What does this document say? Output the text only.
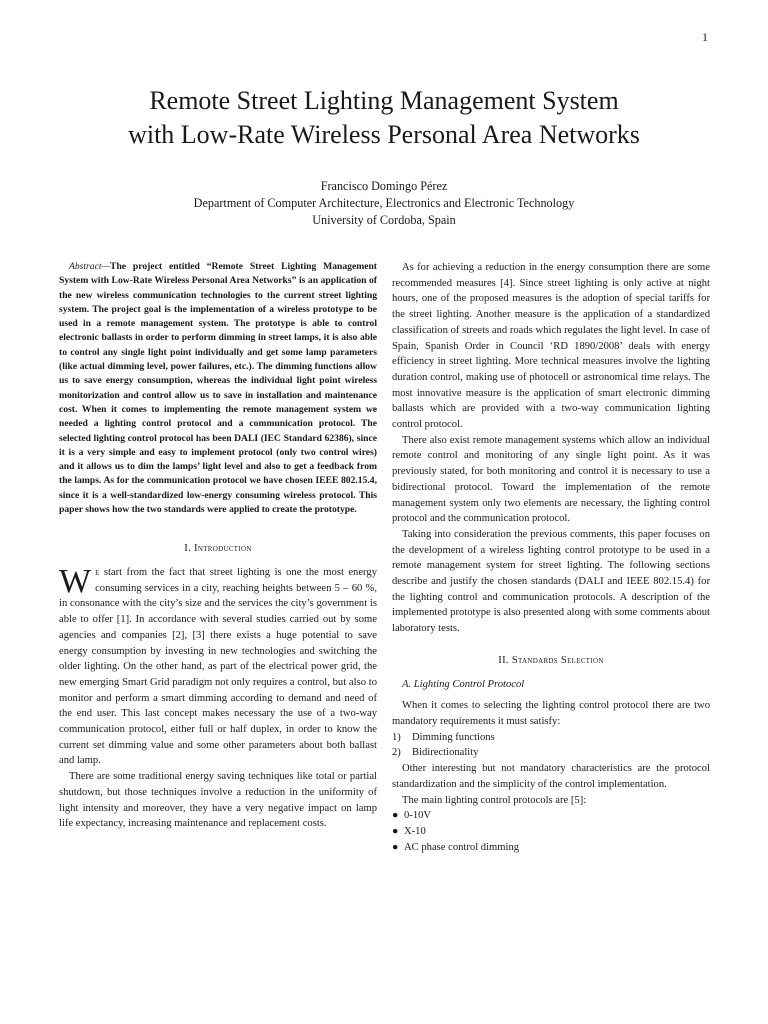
1
Remote Street Lighting Management System
with Low-Rate Wireless Personal Area Networks
Francisco Domingo Pérez
Department of Computer Architecture, Electronics and Electronic Technology
University of Cordoba, Spain

Abstract—The project entitled “Remote Street Lighting Management System with Low-Rate Wireless Personal Area Networks” is an application of the new wireless communication technologies to the current street lighting system. The project goal is the implementation of a wireless prototype to be used in a remote management system. The prototype is able to control electronic ballasts in order to perform dimming in street lamps, it is also able to control any single light point individually and get some lamp parameters (like actual dimming level, power failures, etc.). The dimming functions allow us to save energy consumption, whereas the individual light point wireless monitorization and control allow us to save in installation and maintenance cost. When it comes to implementing the remote management system we needed a lighting control protocol and a communication protocol. The selected lighting control protocol has been DALI (IEC Standard 62386), since it is a very simple and easy to implement protocol (only two control wires) and it allows us to dim the lamps’ light level and also to get a feedback from the lamps. As for the communication protocol we have chosen IEEE 802.15.4, since it is a well-standardized low-energy consuming wireless protocol. This paper shows how the two standards were applied to create the prototype.

I. Introduction

We start from the fact that street lighting is one the most energy consuming services in a city, reaching heights between 5 – 60 %, in consonance with the city’s size and the services the city’s government is able to offer [1]. In accordance with several studies carried out by some agencies and companies [2], [3] there exists a huge potential to save energy consumption by investing in new technologies and switching the older lighting. On the other hand, as part of the electrical power grid, the new emerging Smart Grid paradigm not only requires a control, but also to monitor and perform a smart dimming according to demand and need of the end user. This last concept makes necessary the use of a two-way communication protocol, either full or half duplex, in order to know the current set dimming value and some other parameters about both ballast and lamp.

There are some traditional energy saving techniques like total or partial shutdown, but those techniques involve a reduction in the uniformity of light intensity and moreover, they have a very negative impact on lamp life expectancy, increasing maintenance and replacement costs.

As for achieving a reduction in the energy consumption there are some recommended measures [4]. Since street lighting is only active at night hours, one of the proposed measures is the adoption of special tariffs for the street lighting. Another measure is the application of a standardized classification of streets and roads which regulates the light level. In case of Spain, Spanish Order in Council ‘RD 1890/2008’ deals with energy efficiency in street lighting. More technical measures involve the lighting duration control, making use of photocell or astronomical time relays. The most innovative measure is the application of smart electronic dimming ballasts which are provided with a two-way communication lighting control protocol.

There also exist remote management systems which allow an individual remote control and monitoring of any single light point. As it was previously stated, for both monitoring and control it is necessary to use a bidirectional protocol. Toward the implementation of the remote management system only two elements are necessary, the lighting control protocol and the communication protocol.

Taking into consideration the previous comments, this paper focuses on the development of a wireless lighting control prototype to be used in a remote management system for street lighting. The following sections describe and justify the chosen standards (DALI and IEEE 802.15.4) for the lighting control and communication protocols. A description of the implemented prototype is also presented along with some comments about laboratory tests.

II. Standards Selection
A. Lighting Control Protocol

When it comes to selecting the lighting control protocol there are two mandatory requirements it must satisfy:

1) Dimming functions
2) Bidirectionality

Other interesting but not mandatory characteristics are the protocol standardization and the simplicity of the control implementation.

The main lighting control protocols are [5]:

● 0-10V
● X-10
● AC phase control dimming
